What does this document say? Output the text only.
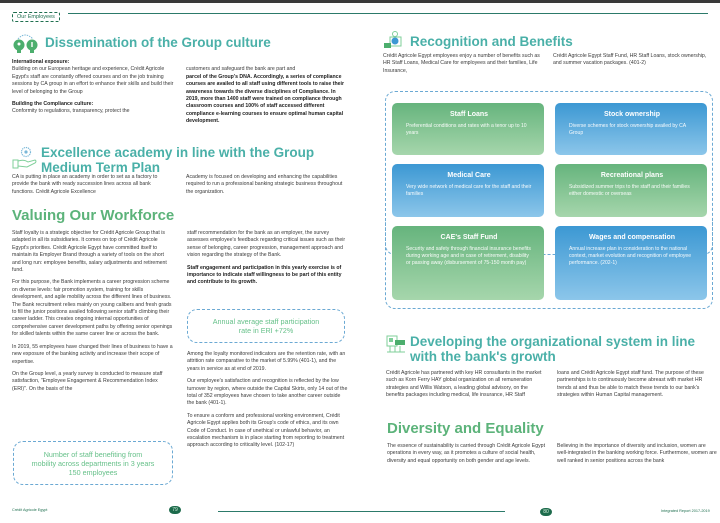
Our Employees
Dissemination of the Group culture
International exposure:
Building on our European heritage and experience, Crédit Agricole Egypt's staff are constantly offered courses and on the job training sessions by CA group in an effort to enhance their skills and build their level of belonging to the Group
Building the Compliance culture:
Conformity to regulations, transparency, protect the
customers and safeguard the bank are part and
parcel of the Group's DNA. Accordingly, a series of compliance courses are availed to all staff using different tools to raise their awareness towards the diverse disciplines of Compliance. In 2019, more than 1400 staff were trained on compliance through classroom courses and 100% of staff accessed different compliance e-learning courses to ensure optimal human capital development.
Excellence academy in line with the Group
Medium Term Plan
CA is putting in place an academy in order to set as a factory to provide the bank with ready succession lines across all bank functions. Crédit Agricole Excellence
Academy is focused on developing and enhancing the capabilities required to run a professional banking strategic business throughout the organization.
Valuing Our Workforce
Staff loyalty is a strategic objective for Crédit Agricole Group that is adapted in all its subsidiaries. It comes on top of Crédit Agricole Egypt's priorities. Crédit Agricole Egypt have committed itself to maintain its Employer Brand through a variety of tools on the short and long run: employee benefits, salary adjustments and retirement fund.
For this purpose, the Bank implements a career progression scheme on diverse levels: fair promotion system, training for skills development, and agile mobility across the different lines of business. The Bank recruitment relies mainly on young calibers and fresh grads to fill the junior positions availed following senior staff's climbing their career ladder. This creates ongoing internal opportunities of comprehensive career development paths by offering senior openings for skilled talents within the same career line or across the bank.
In 2019, 55 employees have changed their lines of business to have a new exposure of the banking activity and increase their scope of expertise.
On the Group level, a yearly survey is conducted to measure staff satisfaction, "Employee Engagement & Recommendation Index (ERI)". On the basis of the
Number of staff benefiting from
mobility across departments in 3 years
150 employees
staff recommendation for the bank as an employer, the survey assesses employee's feedback regarding critical issues such as their sense of belonging, career progression, management approach and vision regarding the strategy of the Bank.
Staff engagement and participation in this yearly exercise is of importance to indicate staff willingness to be part of this entity and contribute to its growth.
Annual average staff participation
rate in ERI +72%
Among the loyalty monitored indicators are the retention rate, with an attrition rate comparative to the market of 5.99% (401-1), and the years in service as at end of 2019.
Our employee's satisfaction and recognition is reflected by the low turnover by region, where outside the Capital Skirts, only 14 out of the total of 352 employees have chosen to take another career outside the bank (401-1).
To ensure a conform and professional working environment, Crédit Agricole Egypt applies both its Group's code of ethics, and its own Code of Conduct. In case of unethical or unlawful behavior, an escalation mechanism is in place starting from reporting to treatment approach according to criticality level. (102-17)
Crédit Agricole Egypt	79
Recognition and Benefits
Crédit Agricole Egypt employees enjoy a number of benefits such as HR Staff Loans, Medical Care for employees and their families, Life Insurance,
Crédit Agricole Egypt Staff Fund, HR Staff Loans, stock ownership, and summer vacation packages. (401-2)
Staff Loans
Preferential conditions and rates with a tenor up to 10 years
Stock ownership
Diverse schemes for stock ownership availed by CA Group
Medical Care
Very wide network of medical care for the staff and their families
Recreational plans
Subsidized summer trips to the staff and their families either domestic or overseas
CAE's Staff Fund
Security and safety through financial insurance benefits during working age and in case of retirement, disability or passing away (disbursement of 75-150 month pay)
Wages and compensation
Annual increase plan in consideration to the national context, market evolution and recognition of employee performance. (202-1)
Developing the organizational system in line
with the bank's growth
Crédit Agricole has partnered with key HR consultants in the market such as Korn Ferry HAY global organization on all remuneration strategies and Willis Watson, a leading global advisory, on the benefits packages including medical, life insurance, HR Staff
loans and Crédit Agricole Egypt staff fund. The purpose of these partnerships is to continuously become abreast with market HR trends at and thus be able to match these trends to our bank's strategies within Human Capital management.
Diversity and Equality
The essence of sustainability is carried through Crédit Agricole Egypt operations in every way, as it promotes a culture of social health, diversity and equal opportunity on both gender and age levels.
Believing in the importance of diversity and inclusion, women are well-integrated in the banking working force. Furthermore, women are well ranked in senior positions across the bank
80	Integrated Report 2017-2019
